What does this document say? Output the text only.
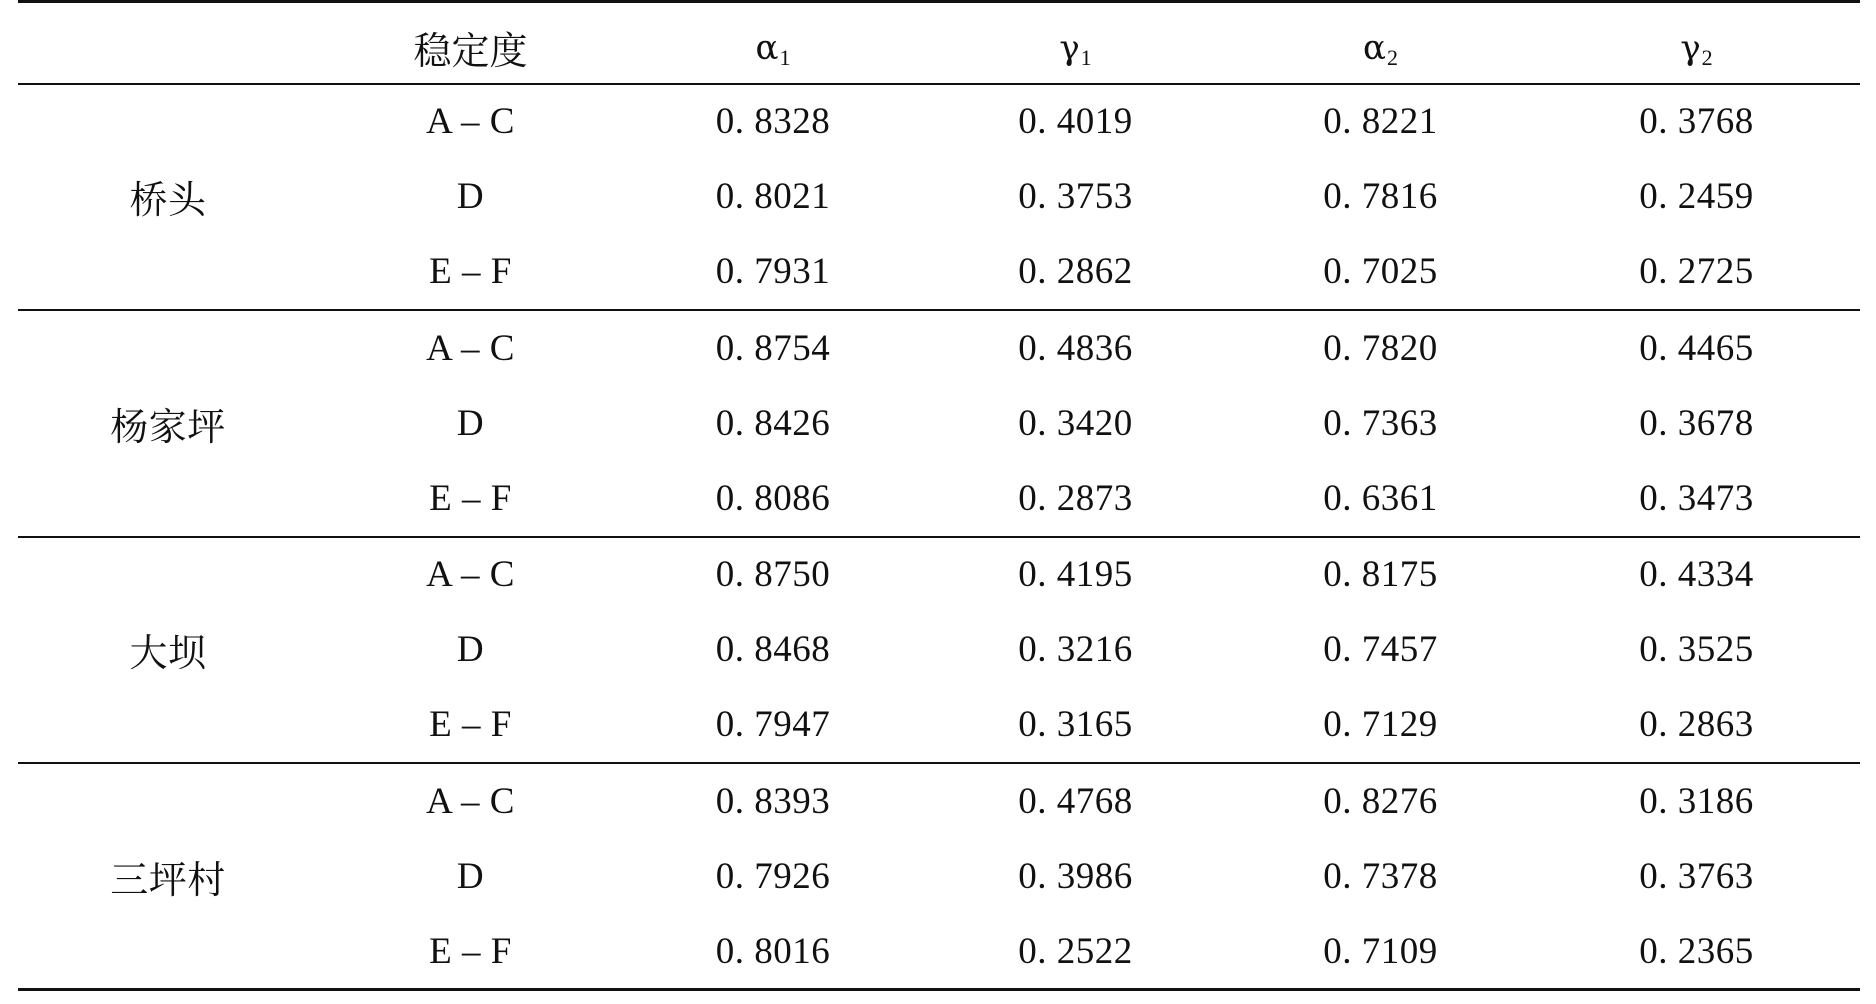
	稳定度	$\alpha_1$	$\gamma_1$	$\alpha_2$	$\gamma_2$
桥头	A – C	0. 8328	0. 4019	0. 8221	0. 3768
	D	0. 8021	0. 3753	0. 7816	0. 2459
	E – F	0. 7931	0. 2862	0. 7025	0. 2725
杨家坪	A – C	0. 8754	0. 4836	0. 7820	0. 4465
	D	0. 8426	0. 3420	0. 7363	0. 3678
	E – F	0. 8086	0. 2873	0. 6361	0. 3473
大坝	A – C	0. 8750	0. 4195	0. 8175	0. 4334
	D	0. 8468	0. 3216	0. 7457	0. 3525
	E – F	0. 7947	0. 3165	0. 7129	0. 2863
三坪村	A – C	0. 8393	0. 4768	0. 8276	0. 3186
	D	0. 7926	0. 3986	0. 7378	0. 3763
	E – F	0. 8016	0. 2522	0. 7109	0. 2365
